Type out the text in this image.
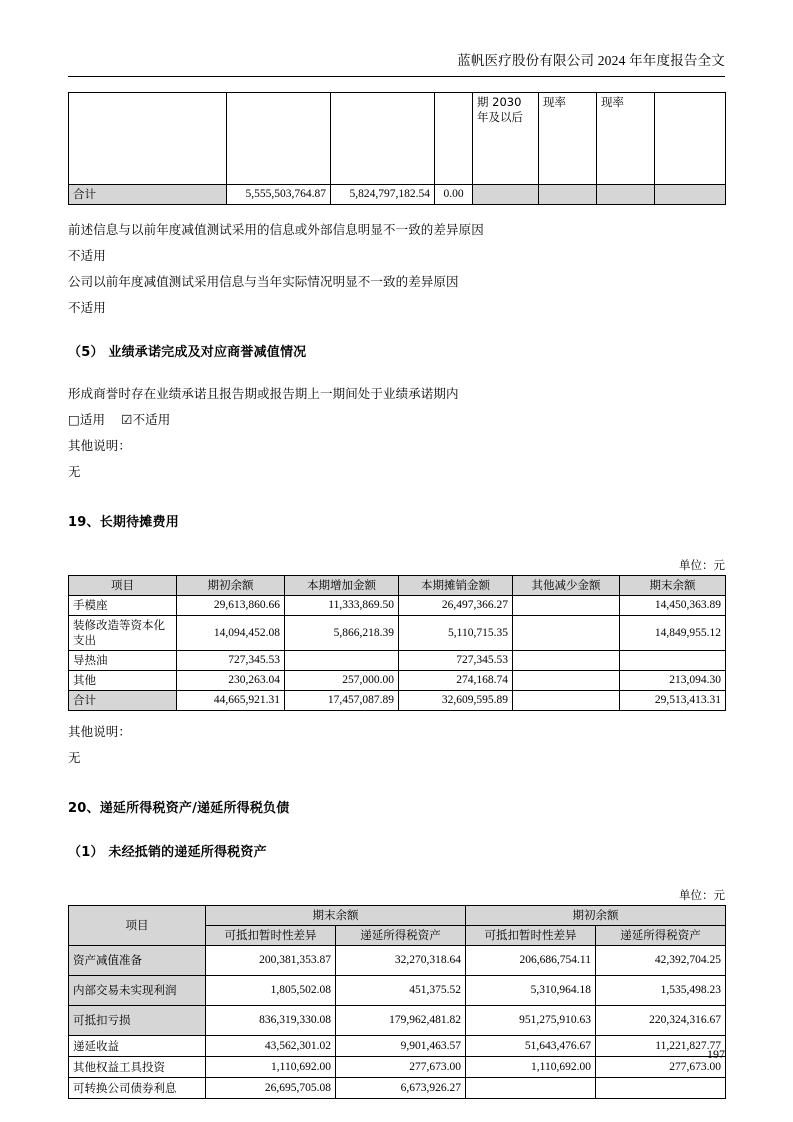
蓝帆医疗股份有限公司 2024 年年度报告全文
				期 2030 年及以后	现率	现率	
合计	5,555,503,764.87	5,824,797,182.54	0.00				

前述信息与以前年度减值测试采用的信息或外部信息明显不一致的差异原因

不适用

公司以前年度减值测试采用信息与当年实际情况明显不一致的差异原因

不适用

（5） 业绩承诺完成及对应商誉减值情况

形成商誉时存在业绩承诺且报告期或报告期上一期间处于业绩承诺期内

□适用 ☑不适用

其他说明：

无

19、长期待摊费用

单位：元
项目	期初余额	本期增加金额	本期摊销金额	其他减少金额	期末余额
手模座	29,613,860.66	11,333,869.50	26,497,366.27		14,450,363.89
装修改造等资本化支出	14,094,452.08	5,866,218.39	5,110,715.35		14,849,955.12
导热油	727,345.53		727,345.53		
其他	230,263.04	257,000.00	274,168.74		213,094.30
合计	44,665,921.31	17,457,087.89	32,609,595.89		29,513,413.31

其他说明：

无

20、递延所得税资产/递延所得税负债

（1） 未经抵销的递延所得税资产

单位：元
项目	期末余额		期初余额	
	可抵扣暂时性差异	递延所得税资产	可抵扣暂时性差异	递延所得税资产
资产减值准备	200,381,353.87	32,270,318.64	206,686,754.11	42,392,704.25
内部交易未实现利润	1,805,502.08	451,375.52	5,310,964.18	1,535,498.23
可抵扣亏损	836,319,330.08	179,962,481.82	951,275,910.63	220,324,316.67
递延收益	43,562,301.02	9,901,463.57	51,643,476.67	11,221,827.77
其他权益工具投资	1,110,692.00	277,673.00	1,110,692.00	277,673.00
可转换公司债券利息	26,695,705.08	6,673,926.27		
197
